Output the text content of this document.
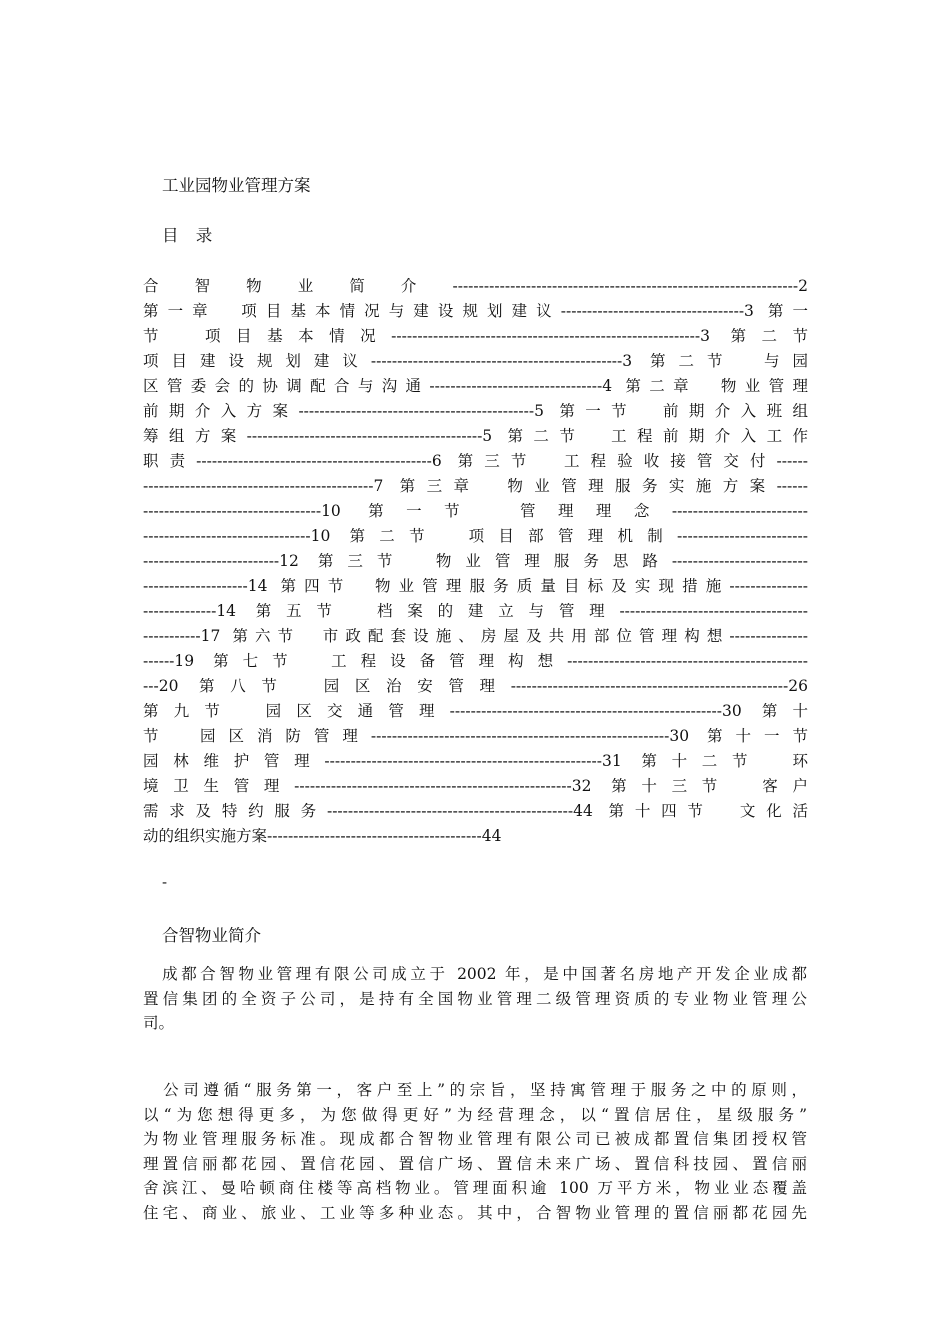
工业园物业管理方案
目 录
合智物业简介------------------------------------------------------------------2
第一章　项目基本情况与建设规划建议-----------------------------------3 第一
节　项目基本情况-----------------------------------------------------------3 第二节
项目建设规划建议------------------------------------------------3 第二节　与园
区管委会的协调配合与沟通---------------------------------4 第二章　物业管理
前期介入方案---------------------------------------------5 第一节　前期介入班组
筹组方案---------------------------------------------5 第二节　工程前期介入工作
职责---------------------------------------------6 第三节　工程验收接管交付------
--------------------------------------------7 第三章　物业管理服务实施方案------
----------------------------------10 第一节　管理理念--------------------------
--------------------------------10 第二节　项目部管理机制-------------------------
--------------------------12 第三节　物业管理服务思路--------------------------
--------------------14 第四节　物业管理服务质量目标及实现措施---------------
--------------14 第五节　档案的建立与管理------------------------------------
-----------17 第六节　市政配套设施、房屋及共用部位管理构想---------------
------19 第七节　工程设备管理构想----------------------------------------------
---20 第八节　园区治安管理-----------------------------------------------------26
第九节　园区交通管理----------------------------------------------------30 第十
节　园区消防管理---------------------------------------------------------30 第十一节
园林维护管理-----------------------------------------------------31 第十二节　环
境卫生管理-----------------------------------------------------32 第十三节　客户
需求及特约服务-----------------------------------------------44 第十四节　文化活
动的组织实施方案-----------------------------------------44
-
合智物业简介
　成都合智物业管理有限公司成立于 2002 年，是中国著名房地产开发企业成都
置信集团的全资子公司，是持有全国物业管理二级管理资质的专业物业管理公
司。
　公司遵循“服务第一，客户至上”的宗旨，坚持寓管理于服务之中的原则，
以“为您想得更多，为您做得更好”为经营理念，以“置信居住，星级服务”
为物业管理服务标准。现成都合智物业管理有限公司已被成都置信集团授权管
理置信丽都花园、置信花园、置信广场、置信未来广场、置信科技园、置信丽
舍滨江、曼哈顿商住楼等高档物业。管理面积逾 100 万平方米，物业业态覆盖
住宅、商业、旅业、工业等多种业态。其中，合智物业管理的置信丽都花园先
